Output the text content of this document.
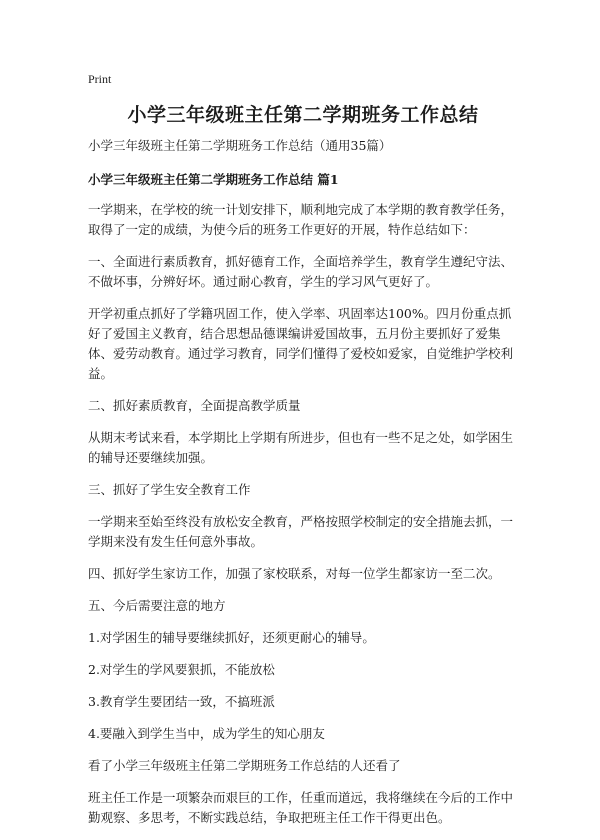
Print
小学三年级班主任第二学期班务工作总结

小学三年级班主任第二学期班务工作总结（通用35篇）

小学三年级班主任第二学期班务工作总结 篇1

一学期来，在学校的统一计划安排下，顺利地完成了本学期的教育教学任务，取得了一定的成绩，为使今后的班务工作更好的开展，特作总结如下：

一、全面进行素质教育，抓好德育工作，全面培养学生，教育学生遵纪守法、不做坏事，分辨好坏。通过耐心教育，学生的学习风气更好了。

开学初重点抓好了学籍巩固工作，使入学率、巩固率达100%。四月份重点抓好了爱国主义教育，结合思想品德课编讲爱国故事，五月份主要抓好了爱集体、爱劳动教育。通过学习教育，同学们懂得了爱校如爱家，自觉维护学校利益。

二、抓好素质教育，全面提高教学质量

从期末考试来看，本学期比上学期有所进步，但也有一些不足之处，如学困生的辅导还要继续加强。

三、抓好了学生安全教育工作

一学期来至始至终没有放松安全教育，严格按照学校制定的安全措施去抓，一学期来没有发生任何意外事故。

四、抓好学生家访工作，加强了家校联系，对每一位学生都家访一至二次。

五、今后需要注意的地方

1.对学困生的辅导要继续抓好，还须更耐心的辅导。

2.对学生的学风要狠抓，不能放松

3.教育学生要团结一致，不搞班派

4.要融入到学生当中，成为学生的知心朋友

看了小学三年级班主任第二学期班务工作总结的人还看了

班主任工作是一项繁杂而艰巨的工作，任重而道远，我将继续在今后的工作中勤观察、多思考，不断实践总结，争取把班主任工作干得更出色。
